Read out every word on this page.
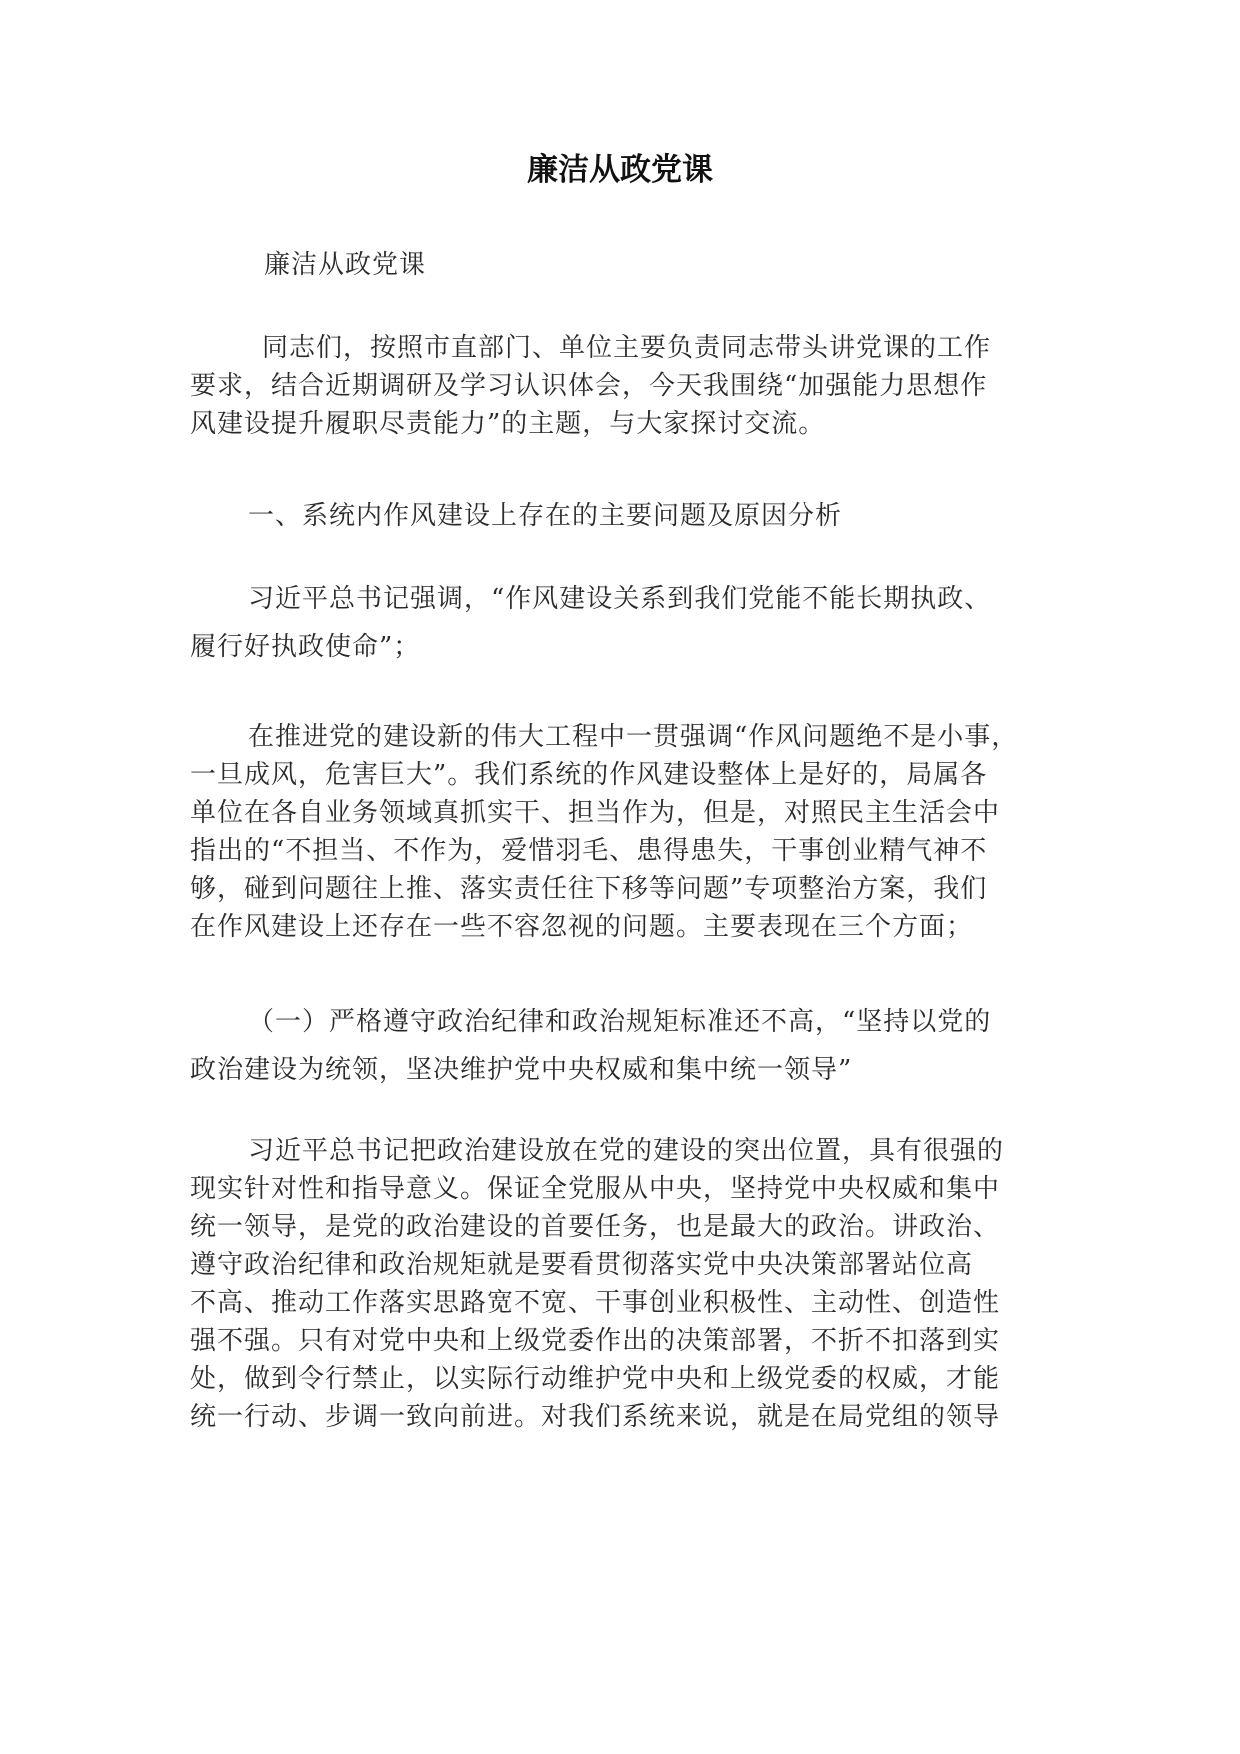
廉洁从政党课

廉洁从政党课

同志们，按照市直部门、单位主要负责同志带头讲党课的工作
要求，结合近期调研及学习认识体会，今天我围绕“加强能力思想作
风建设提升履职尽责能力”的主题，与大家探讨交流。

一、系统内作风建设上存在的主要问题及原因分析

习近平总书记强调，“作风建设关系到我们党能不能长期执政、
履行好执政使命”；

在推进党的建设新的伟大工程中一贯强调“作风问题绝不是小事，
一旦成风，危害巨大”。我们系统的作风建设整体上是好的，局属各
单位在各自业务领域真抓实干、担当作为，但是，对照民主生活会中
指出的“不担当、不作为，爱惜羽毛、患得患失，干事创业精气神不
够，碰到问题往上推、落实责任往下移等问题”专项整治方案，我们
在作风建设上还存在一些不容忽视的问题。主要表现在三个方面；

（一）严格遵守政治纪律和政治规矩标准还不高，“坚持以党的
政治建设为统领，坚决维护党中央权威和集中统一领导”

习近平总书记把政治建设放在党的建设的突出位置，具有很强的
现实针对性和指导意义。保证全党服从中央，坚持党中央权威和集中
统一领导，是党的政治建设的首要任务，也是最大的政治。讲政治、
遵守政治纪律和政治规矩就是要看贯彻落实党中央决策部署站位高
不高、推动工作落实思路宽不宽、干事创业积极性、主动性、创造性
强不强。只有对党中央和上级党委作出的决策部署，不折不扣落到实
处，做到令行禁止，以实际行动维护党中央和上级党委的权威，才能
统一行动、步调一致向前进。对我们系统来说，就是在局党组的领导
